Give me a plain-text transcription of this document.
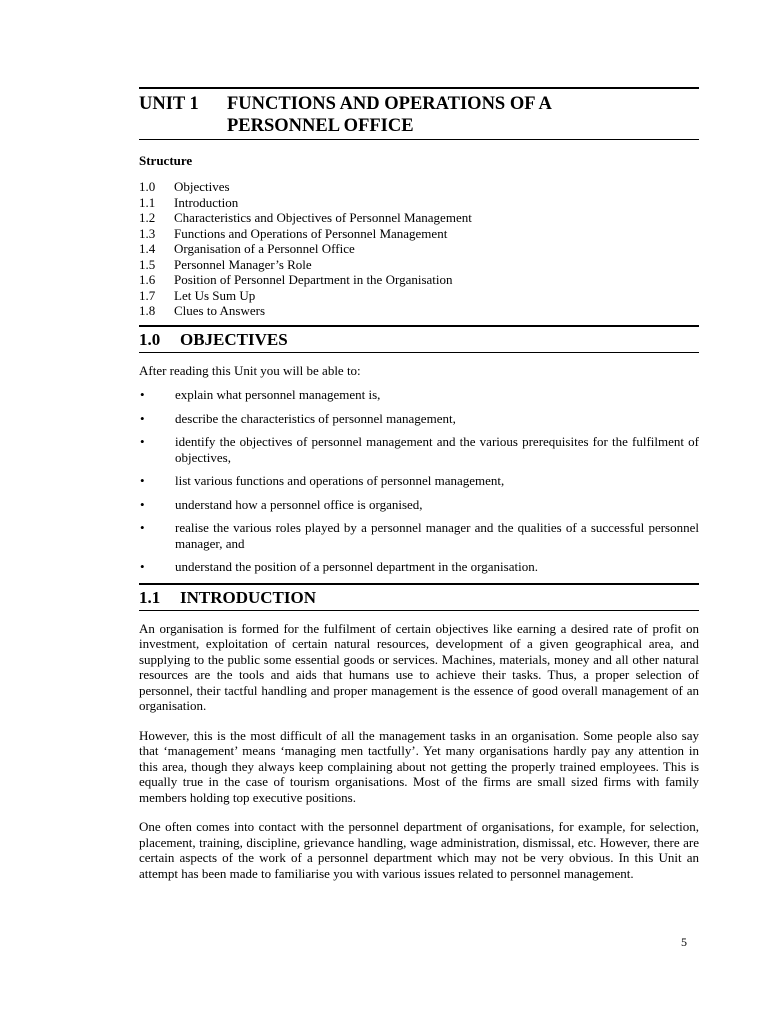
UNIT 1	FUNCTIONS AND OPERATIONS OF A
PERSONNEL OFFICE
Structure
1.0	Objectives
1.1	Introduction
1.2	Characteristics and Objectives of Personnel Management
1.3	Functions and Operations of Personnel Management
1.4	Organisation of a Personnel Office
1.5	Personnel Manager’s Role
1.6	Position of Personnel Department in the Organisation
1.7	Let Us Sum Up
1.8	Clues to Answers
1.0	OBJECTIVES

After reading this Unit you will be able to:

•	explain what personnel management is,
•	describe the characteristics of personnel management,
•	identify the objectives of personnel management and the various prerequisites for the fulfilment of objectives,
•	list various functions and operations of personnel management,
•	understand how a personnel office is organised,
•	realise the various roles played by a personnel manager and the qualities of a successful personnel manager, and
•	understand the position of a personnel department in the organisation.
1.1	INTRODUCTION

An organisation is formed for the fulfilment of certain objectives like earning a desired rate of profit on investment, exploitation of certain natural resources, development of a given geographical area, and supplying to the public some essential goods or services. Machines, materials, money and all other natural resources are the tools and aids that humans use to achieve their tasks. Thus, a proper selection of personnel, their tactful handling and proper management is the essence of good overall management of an organisation.

However, this is the most difficult of all the management tasks in an organisation. Some people also say that ‘management’ means ‘managing men tactfully’. Yet many organisations hardly pay any attention in this area, though they always keep complaining about not getting the properly trained employees. This is equally true in the case of tourism organisations. Most of the firms are small sized firms with family members holding top executive positions.

One often comes into contact with the personnel department of organisations, for example, for selection, placement, training, discipline, grievance handling, wage administration, dismissal, etc. However, there are certain aspects of the work of a personnel department which may not be very obvious. In this Unit an attempt has been made to familiarise you with various issues related to personnel management.

5
